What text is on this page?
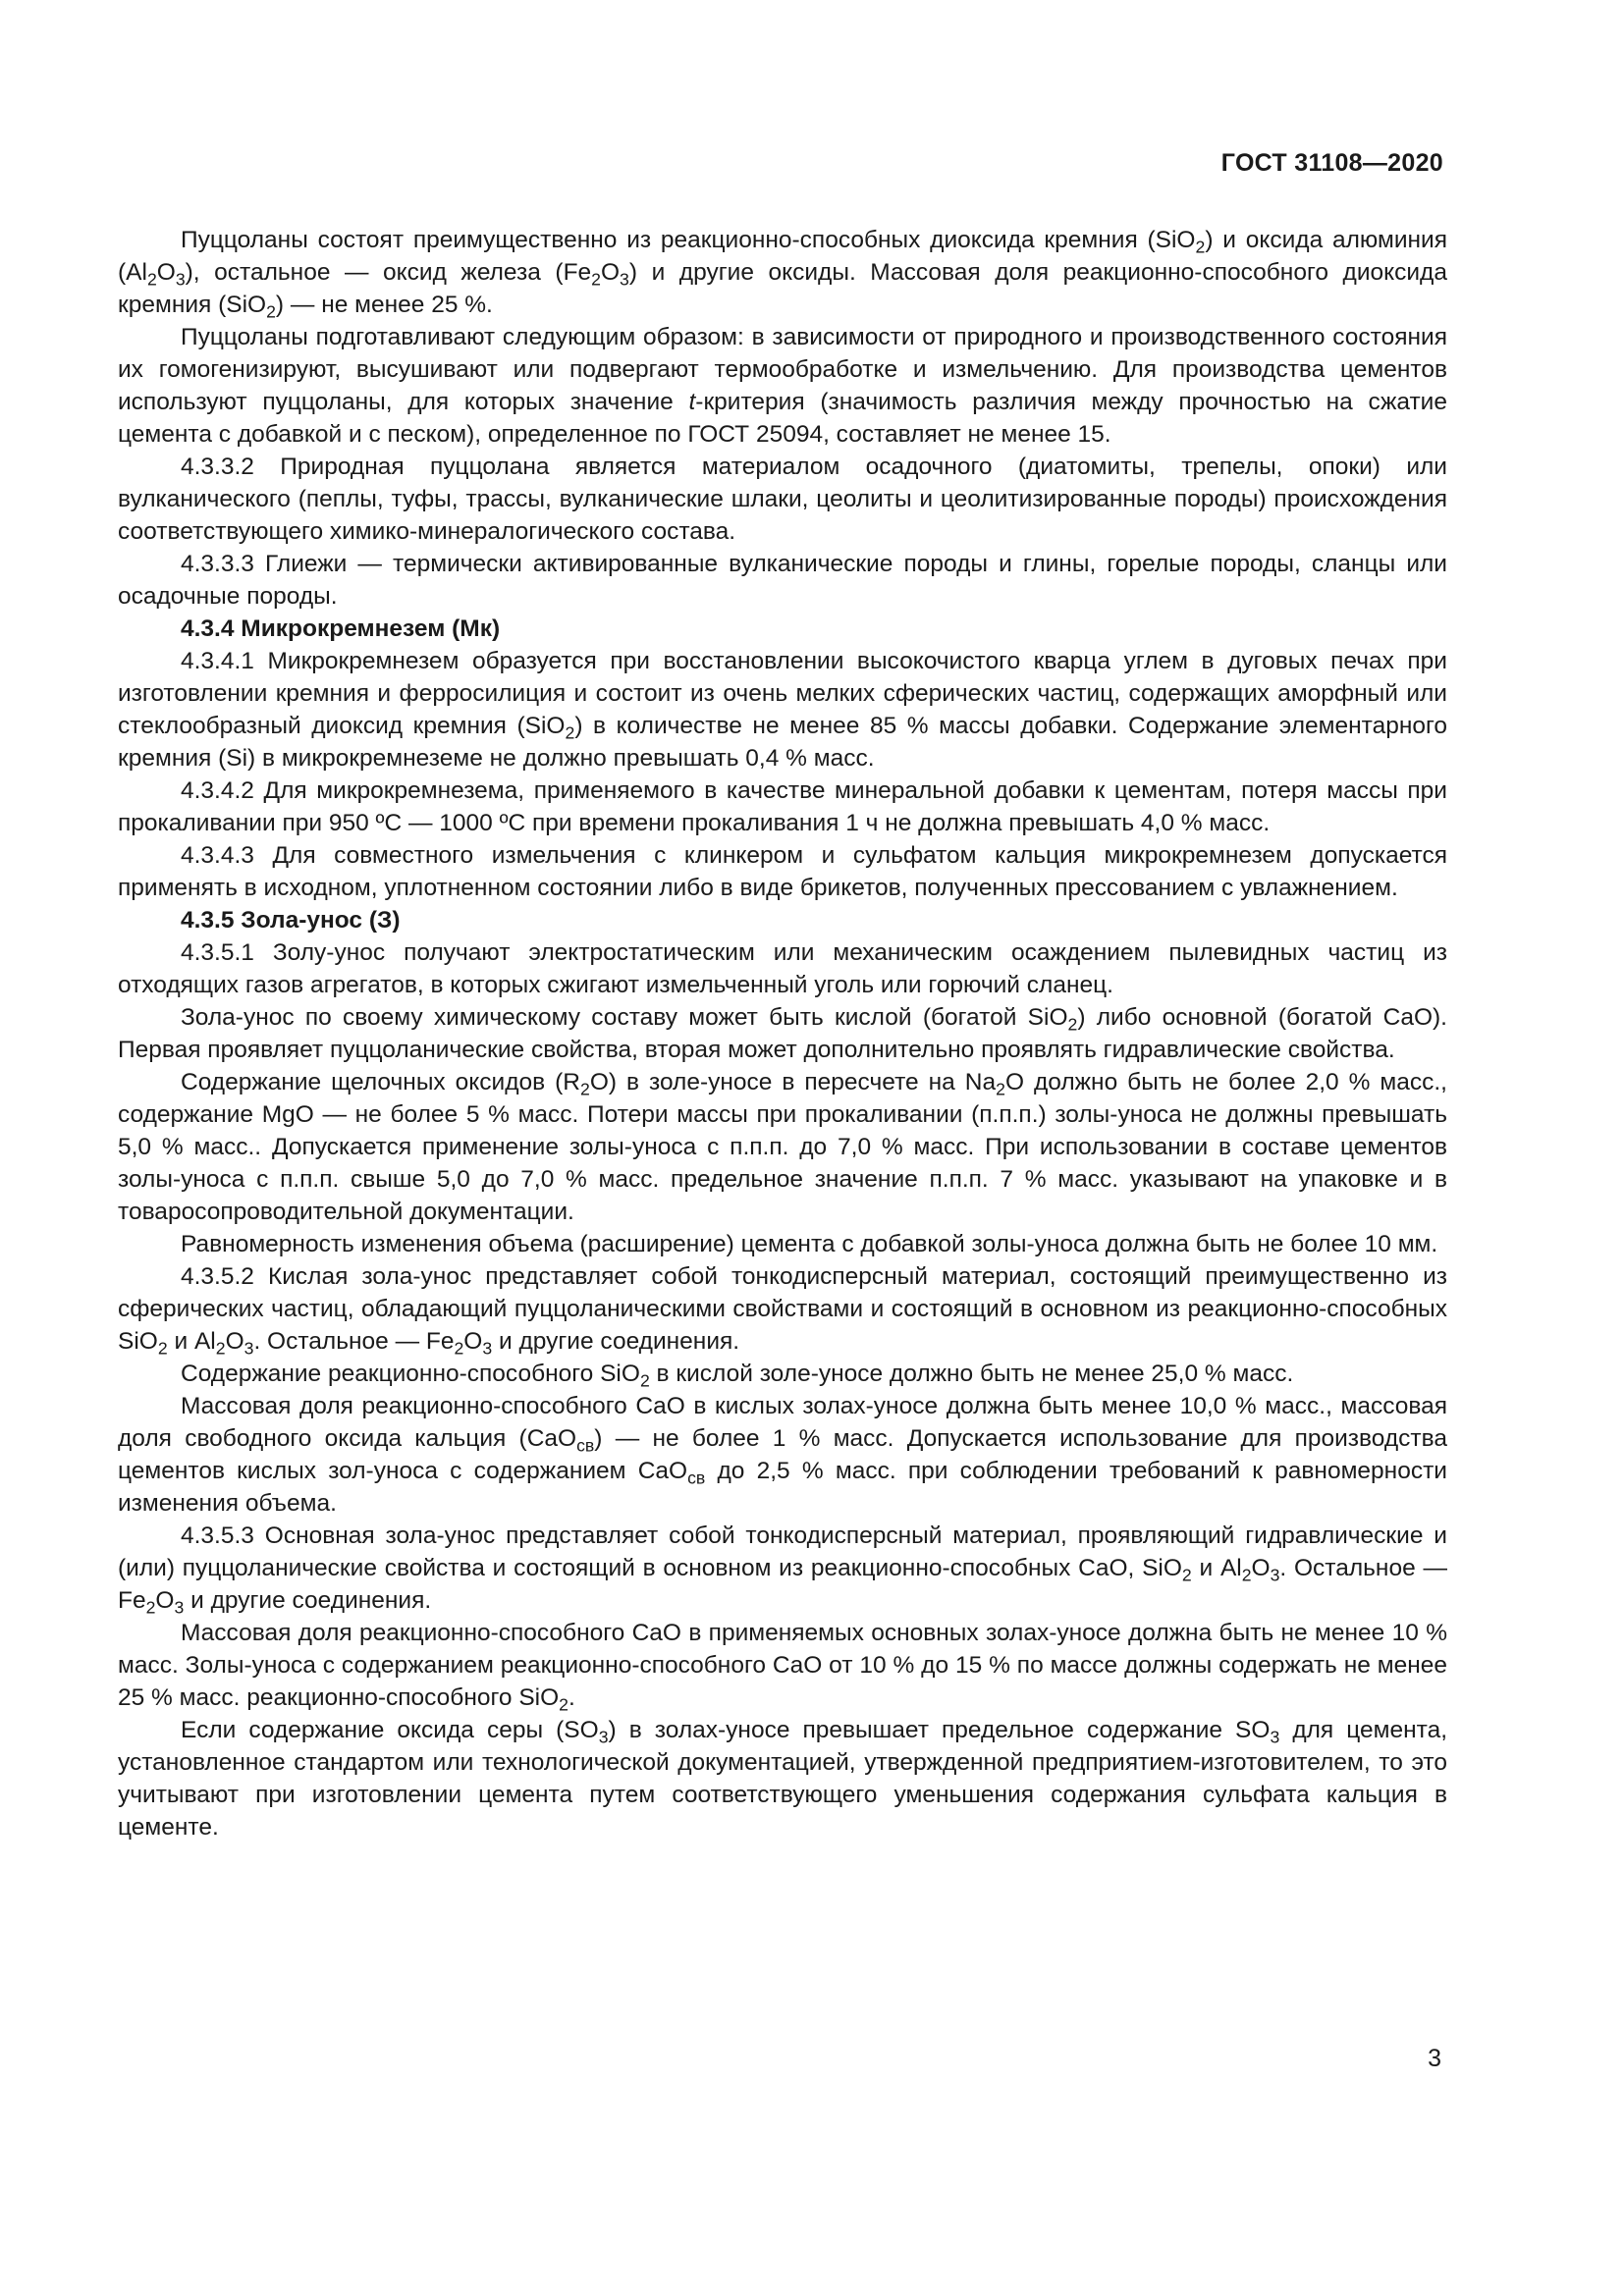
ГОСТ 31108—2020

Пуццоланы состоят преимущественно из реакционно-способных диоксида кремния (SiO$_2$) и оксида алюминия $(Al_2O_3)$, остальное — оксид железа $(Fe_2O_3)$ и другие оксиды. Массовая доля реакционно-способного диоксида кремния (SiO$_2$) — не менее 25 %.

Пуццоланы подготавливают следующим образом: в зависимости от природного и производственного состояния их гомогенизируют, высушивают или подвергают термообработке и измельчению. Для производства цементов используют пуццоланы, для которых значение t-критерия (значимость различия между прочностью на сжатие цемента с добавкой и с песком), определенное по ГОСТ 25094, составляет не менее 15.

4.3.3.2 Природная пуццолана является материалом осадочного (диатомиты, трепелы, опоки) или вулканического (пеплы, туфы, трассы, вулканические шлаки, цеолиты и цеолитизированные породы) происхождения соответствующего химико-минералогического состава.

4.3.3.3 Глиежи — термически активированные вулканические породы и глины, горелые породы, сланцы или осадочные породы.

4.3.4 Микрокремнезем (Мк)

4.3.4.1 Микрокремнезем образуется при восстановлении высокочистого кварца углем в дуговых печах при изготовлении кремния и ферросилиция и состоит из очень мелких сферических частиц, содержащих аморфный или стеклообразный диоксид кремния (SiO$_2$) в количестве не менее 85 % массы добавки. Содержание элементарного кремния (Si) в микрокремнеземе не должно превышать 0,4 % масс.

4.3.4.2 Для микрокремнезема, применяемого в качестве минеральной добавки к цементам, потеря массы при прокаливании при 950 ºС — 1000 ºС при времени прокаливания 1 ч не должна превышать 4,0 % масс.

4.3.4.3 Для совместного измельчения с клинкером и сульфатом кальция микрокремнезем допускается применять в исходном, уплотненном состоянии либо в виде брикетов, полученных прессованием с увлажнением.

4.3.5 Зола-унос (З)

4.3.5.1 Золу-унос получают электростатическим или механическим осаждением пылевидных частиц из отходящих газов агрегатов, в которых сжигают измельченный уголь или горючий сланец.

Зола-унос по своему химическому составу может быть кислой (богатой SiO$_2$) либо основной (богатой CaO). Первая проявляет пуццоланические свойства, вторая может дополнительно проявлять гидравлические свойства.

Содержание щелочных оксидов $(R_2O)$ в золе-уносе в пересчете на $Na_2O$ должно быть не более 2,0 % масс., содержание MgO — не более 5 % масс. Потери массы при прокаливании (п.п.п.) золы-уноса не должны превышать 5,0 % масс.. Допускается применение золы-уноса с п.п.п. до 7,0 % масс. При использовании в составе цементов золы-уноса с п.п.п. свыше 5,0 до 7,0 % масс. предельное значение п.п.п. 7 % масс. указывают на упаковке и в товаросопроводительной документации.

Равномерность изменения объема (расширение) цемента с добавкой золы-уноса должна быть не более 10 мм.

4.3.5.2 Кислая зола-унос представляет собой тонкодисперсный материал, состоящий преимущественно из сферических частиц, обладающий пуццоланическими свойствами и состоящий в основном из реакционно-способных SiO$_2$ и $Al_2O_3$. Остальное — $Fe_2O_3$ и другие соединения.

Содержание реакционно-способного SiO$_2$ в кислой золе-уносе должно быть не менее 25,0 % масс.

Массовая доля реакционно-способного CaO в кислых золах-уносе должна быть менее 10,0 % масс., массовая доля свободного оксида кальция (CaO$_{св}$) — не более 1 % масс. Допускается использование для производства цементов кислых зол-уноса с содержанием CaO$_{св}$ до 2,5 % масс. при соблюдении требований к равномерности изменения объема.

4.3.5.3 Основная зола-унос представляет собой тонкодисперсный материал, проявляющий гидравлические и (или) пуццоланические свойства и состоящий в основном из реакционно-способных CaO, SiO$_2$ и $Al_2O_3$. Остальное — $Fe_2O_3$ и другие соединения.

Массовая доля реакционно-способного CaO в применяемых основных золах-уносе должна быть не менее 10 % масс. Золы-уноса с содержанием реакционно-способного CaO от 10 % до 15 % по массе должны содержать не менее 25 % масс. реакционно-способного SiO$_2$.

Если содержание оксида серы $(SO_3)$ в золах-уносе превышает предельное содержание $SO_3$ для цемента, установленное стандартом или технологической документацией, утвержденной предприятием-изготовителем, то это учитывают при изготовлении цемента путем соответствующего уменьшения содержания сульфата кальция в цементе.

3
